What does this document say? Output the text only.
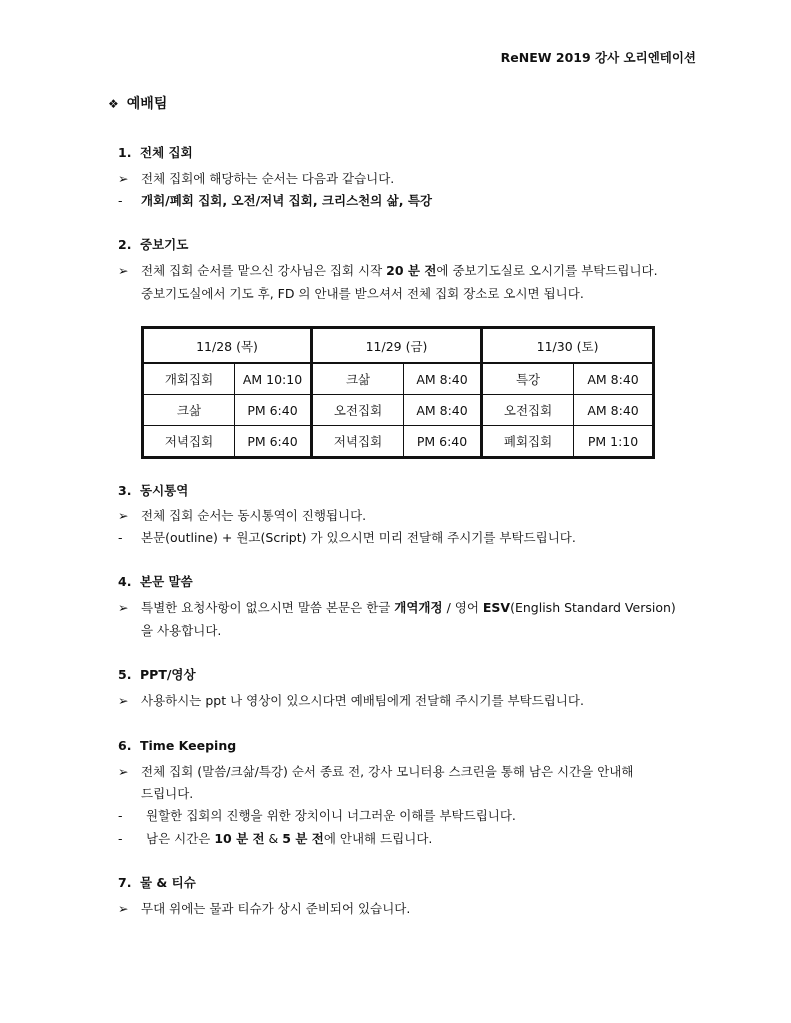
ReNEW 2019 강사 오리엔테이션
❖ 예배팀
1. 전체 집회
➢ 전체 집회에 해당하는 순서는 다음과 같습니다.
- 개회/폐회 집회, 오전/저녁 집회, 크리스천의 삶, 특강
2. 중보기도
➢ 전체 집회 순서를 맡으신 강사님은 집회 시작 20 분 전에 중보기도실로 오시기를 부탁드립니다.
중보기도실에서 기도 후, FD 의 안내를 받으셔서 전체 집회 장소로 오시면 됩니다.
11/28 (목)		11/29 (금)		11/30 (토)	
개회집회	AM 10:10	크삶	AM 8:40	특강	AM 8:40
크삶	PM 6:40	오전집회	AM 8:40	오전집회	AM 8:40
저녁집회	PM 6:40	저녁집회	PM 6:40	폐회집회	PM 1:10
3. 동시통역
➢ 전체 집회 순서는 동시통역이 진행됩니다.
- 본문(outline) + 원고(Script) 가 있으시면 미리 전달해 주시기를 부탁드립니다.
4. 본문 말씀
➢ 특별한 요청사항이 없으시면 말씀 본문은 한글 개역개정 / 영어 ESV(English Standard Version)
을 사용합니다.
5. PPT/영상
➢ 사용하시는 ppt 나 영상이 있으시다면 예배팀에게 전달해 주시기를 부탁드립니다.
6. Time Keeping
➢ 전체 집회 (말씀/크삶/특강) 순서 종료 전, 강사 모니터용 스크린을 통해 남은 시간을 안내해
드립니다.
- 원할한 집회의 진행을 위한 장치이니 너그러운 이해를 부탁드립니다.
- 남은 시간은 10 분 전 & 5 분 전에 안내해 드립니다.
7. 물 & 티슈
➢ 무대 위에는 물과 티슈가 상시 준비되어 있습니다.
